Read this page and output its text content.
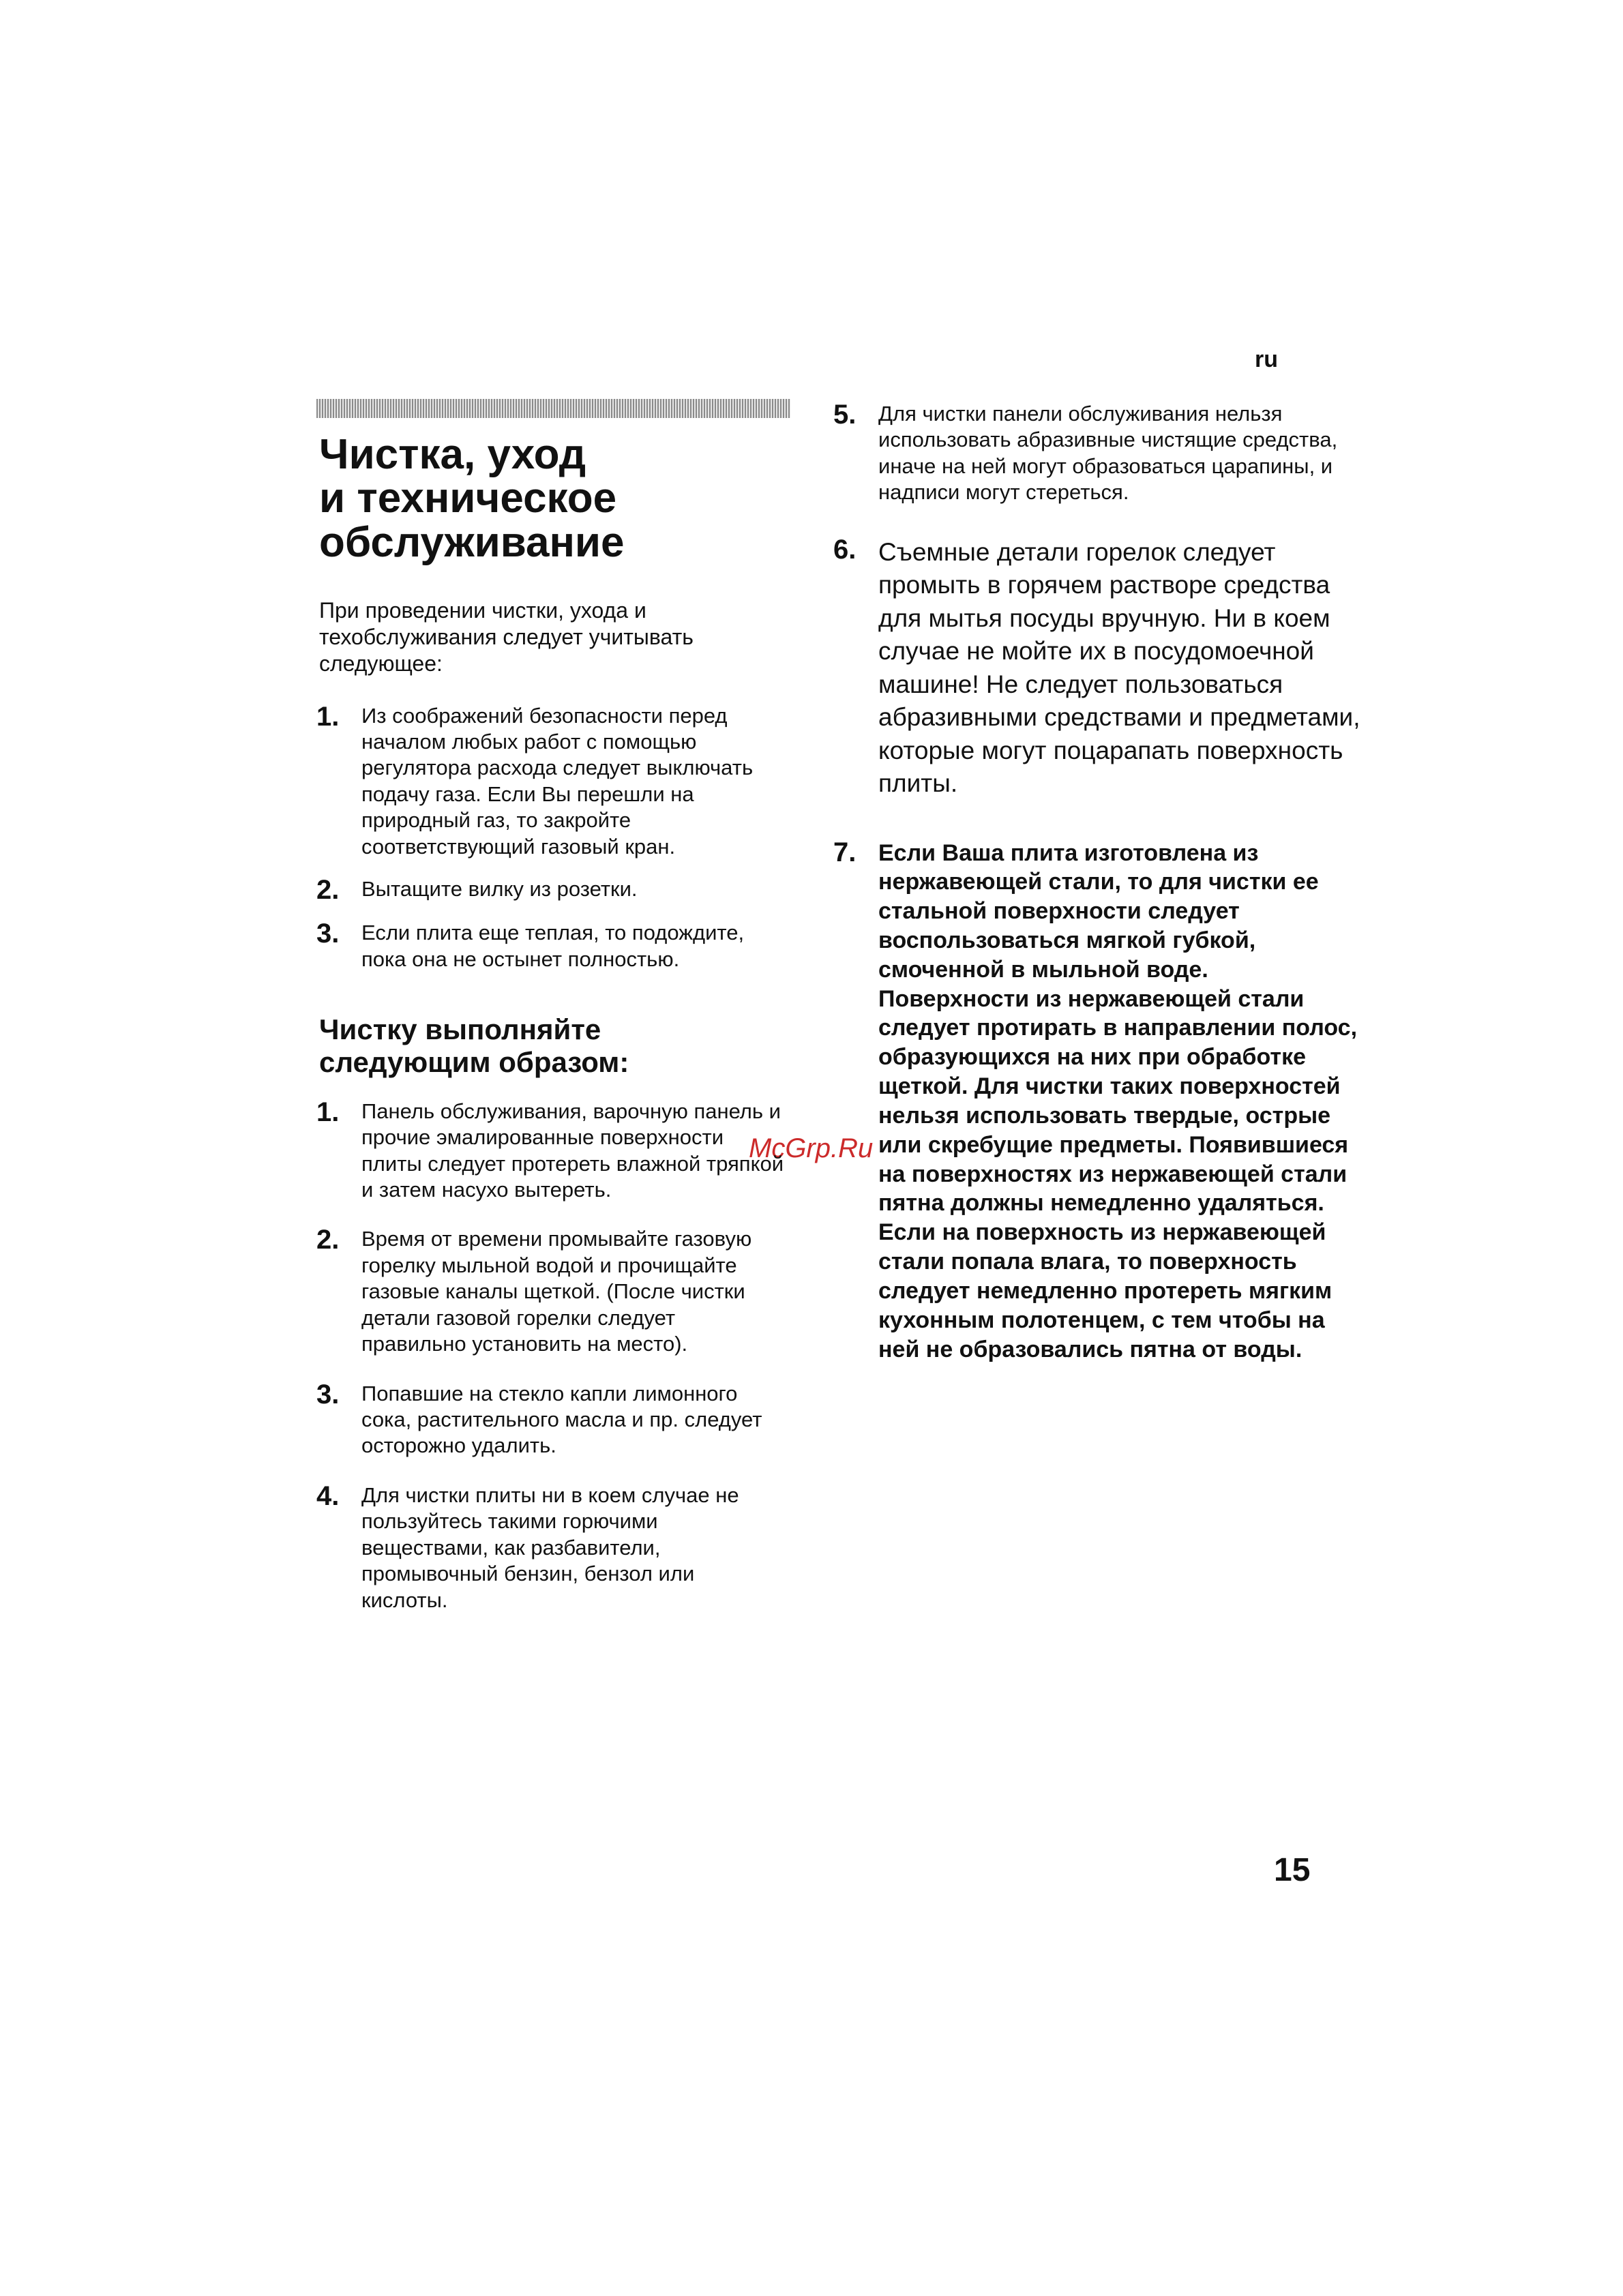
ru
McGrp.Ru
Чистка, уход
и техническое
обслуживание

При проведении чистки, ухода и техобслуживания следует учитывать следующее:

1.	Из соображений безопасности перед началом любых работ с помощью регулятора расхода следует выключать подачу газа. Если Вы перешли на природный газ, то закройте соответствующий газовый кран.
2.	Вытащите вилку из розетки.
3.	Если плита еще теплая, то подождите, пока она не остынет полностью.
Чистку выполняйте
следующим образом:
1.	Панель обслуживания, варочную панель и прочие эмалированные поверхности плиты следует протереть влажной тряпкой и затем насухо вытереть.
2.	Время от времени промывайте газовую горелку мыльной водой и прочищайте газовые каналы щеткой. (После чистки детали газовой горелки следует правильно установить на место).
3.	Попавшие на стекло капли лимонного сока, растительного масла и пр. следует осторожно удалить.
4.	Для чистки плиты ни в коем случае не пользуйтесь такими горючими веществами, как разбавители, промывочный бензин, бензол или кислоты.
5.	Для чистки панели обслуживания нельзя использовать абразивные чистящие средства, иначе на ней могут образоваться царапины, и надписи могут стереться.
6. Съемные детали горелок следует промыть в горячем растворе средства для мытья посуды вручную. Ни в коем случае не мойте их в посудомоечной машине! Не следует пользоваться абразивными средствами и предметами, которые могут поцарапать поверхность плиты.
7. Если Ваша плита изготовлена из нержавеющей стали, то для чистки ее стальной поверхности следует воспользоваться мягкой губкой, смоченной в мыльной воде. Поверхности из нержавеющей стали следует протирать в направлении полос, образующихся на них при обработке щеткой. Для чистки таких поверхностей нельзя использовать твердые, острые или скребущие предметы. Появившиеся на поверхностях из нержавеющей стали пятна должны немедленно удаляться. Если на поверхность из нержавеющей стали попала влага, то поверхность следует немедленно протереть мягким кухонным полотенцем, с тем чтобы на ней не образовались пятна от воды.
15
